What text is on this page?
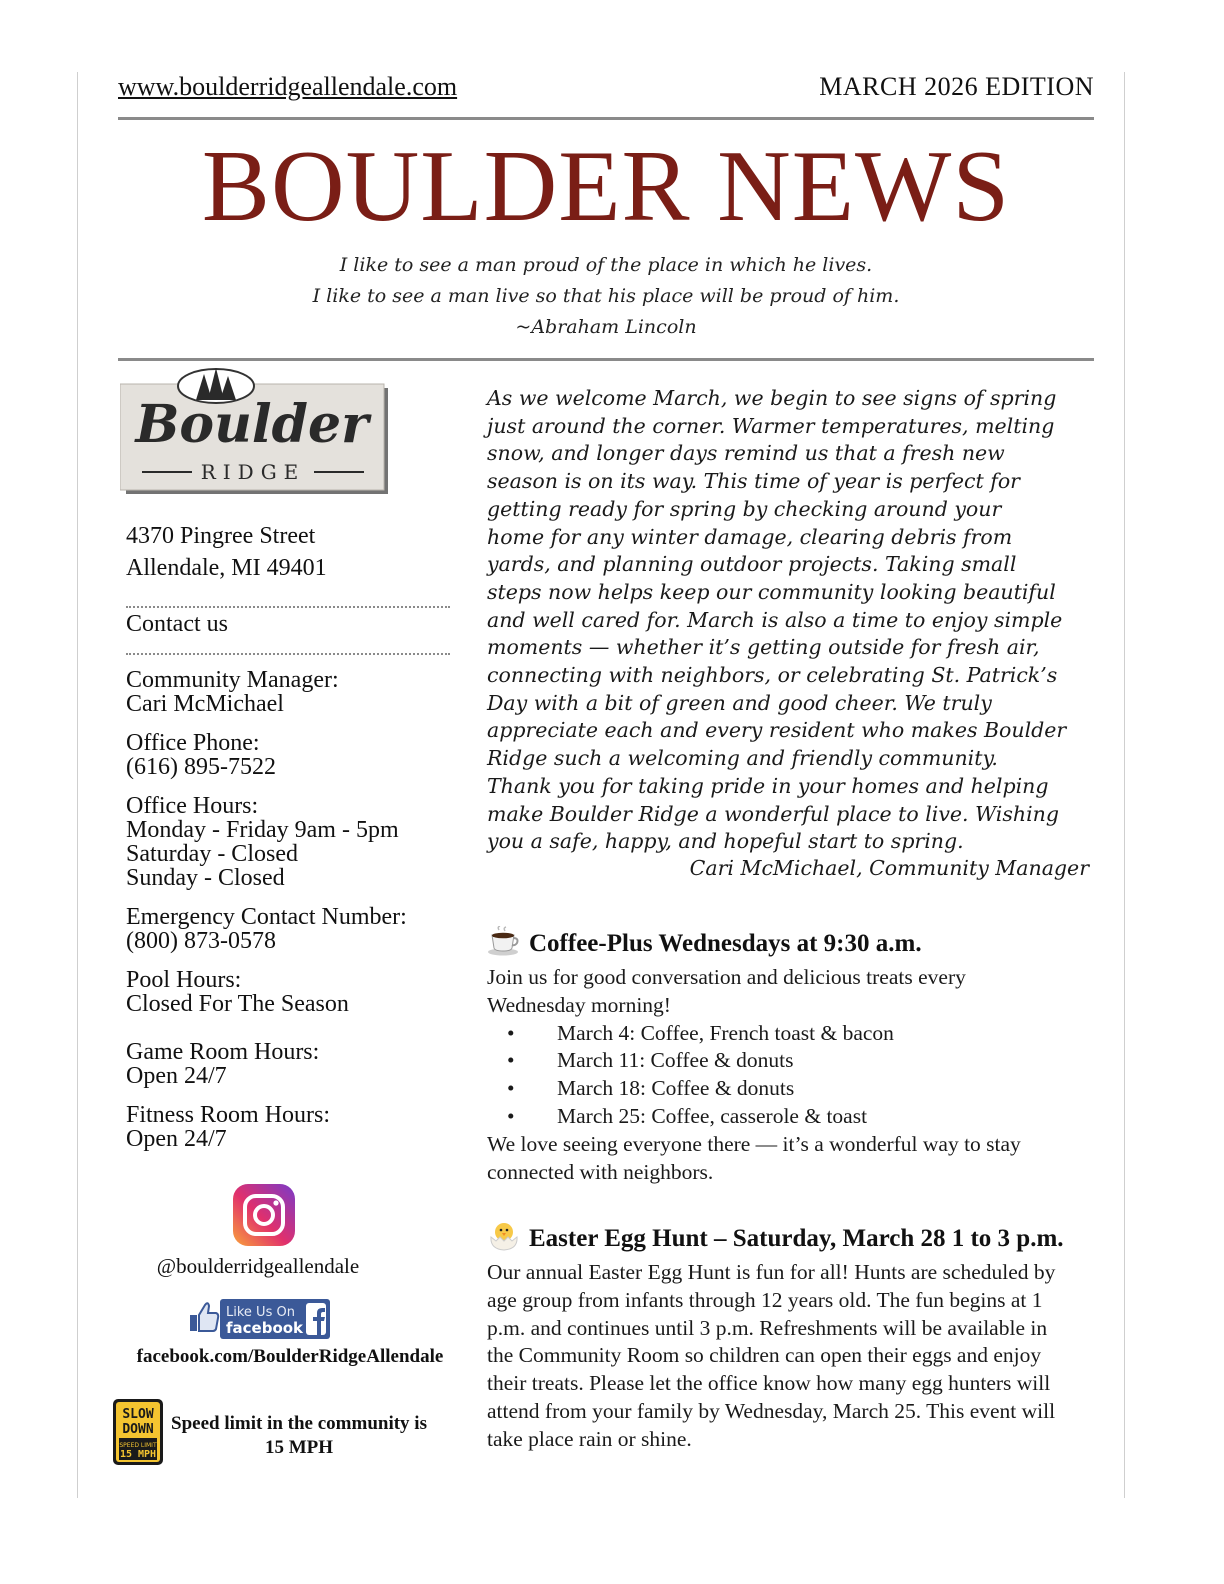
www.boulderridgeallendale.com	MARCH 2026 EDITION
BOULDER NEWS
I like to see a man proud of the place in which he lives.
I like to see a man live so that his place will be proud of him.
~Abraham Lincoln
Boulder
RIDGE
4370 Pingree Street
Allendale, MI 49401
Contact us
Community Manager:
Cari McMichael
Office Phone:
(616) 895-7522
Office Hours:
Monday - Friday 9am - 5pm
Saturday - Closed
Sunday - Closed
Emergency Contact Number:
(800) 873-0578
Pool Hours:
Closed For The Season
Game Room Hours:
Open 24/7
Fitness Room Hours:
Open 24/7
@boulderridgeallendale
Like Us On
facebook
facebook.com/BoulderRidgeAllendale
SLOW
DOWN
SPEED LIMIT
15 MPH
Speed limit in the community is
15 MPH
As we welcome March, we begin to see signs of spring
just around the corner. Warmer temperatures, melting
snow, and longer days remind us that a fresh new
season is on its way. This time of year is perfect for
getting ready for spring by checking around your
home for any winter damage, clearing debris from
yards, and planning outdoor projects. Taking small
steps now helps keep our community looking beautiful
and well cared for. March is also a time to enjoy simple
moments — whether it’s getting outside for fresh air,
connecting with neighbors, or celebrating St. Patrick’s
Day with a bit of green and good cheer. We truly
appreciate each and every resident who makes Boulder
Ridge such a welcoming and friendly community.
Thank you for taking pride in your homes and helping
make Boulder Ridge a wonderful place to live. Wishing
you a safe, happy, and hopeful start to spring.
Cari McMichael, Community Manager
Coffee-Plus Wednesdays at 9:30 a.m.
Join us for good conversation and delicious treats every
Wednesday morning!
• March 4: Coffee, French toast & bacon
• March 11: Coffee & donuts
• March 18: Coffee & donuts
• March 25: Coffee, casserole & toast
We love seeing everyone there — it’s a wonderful way to stay
connected with neighbors.
Easter Egg Hunt – Saturday, March 28 1 to 3 p.m.
Our annual Easter Egg Hunt is fun for all! Hunts are scheduled by
age group from infants through 12 years old. The fun begins at 1
p.m. and continues until 3 p.m. Refreshments will be available in
the Community Room so children can open their eggs and enjoy
their treats. Please let the office know how many egg hunters will
attend from your family by Wednesday, March 25. This event will
take place rain or shine.
